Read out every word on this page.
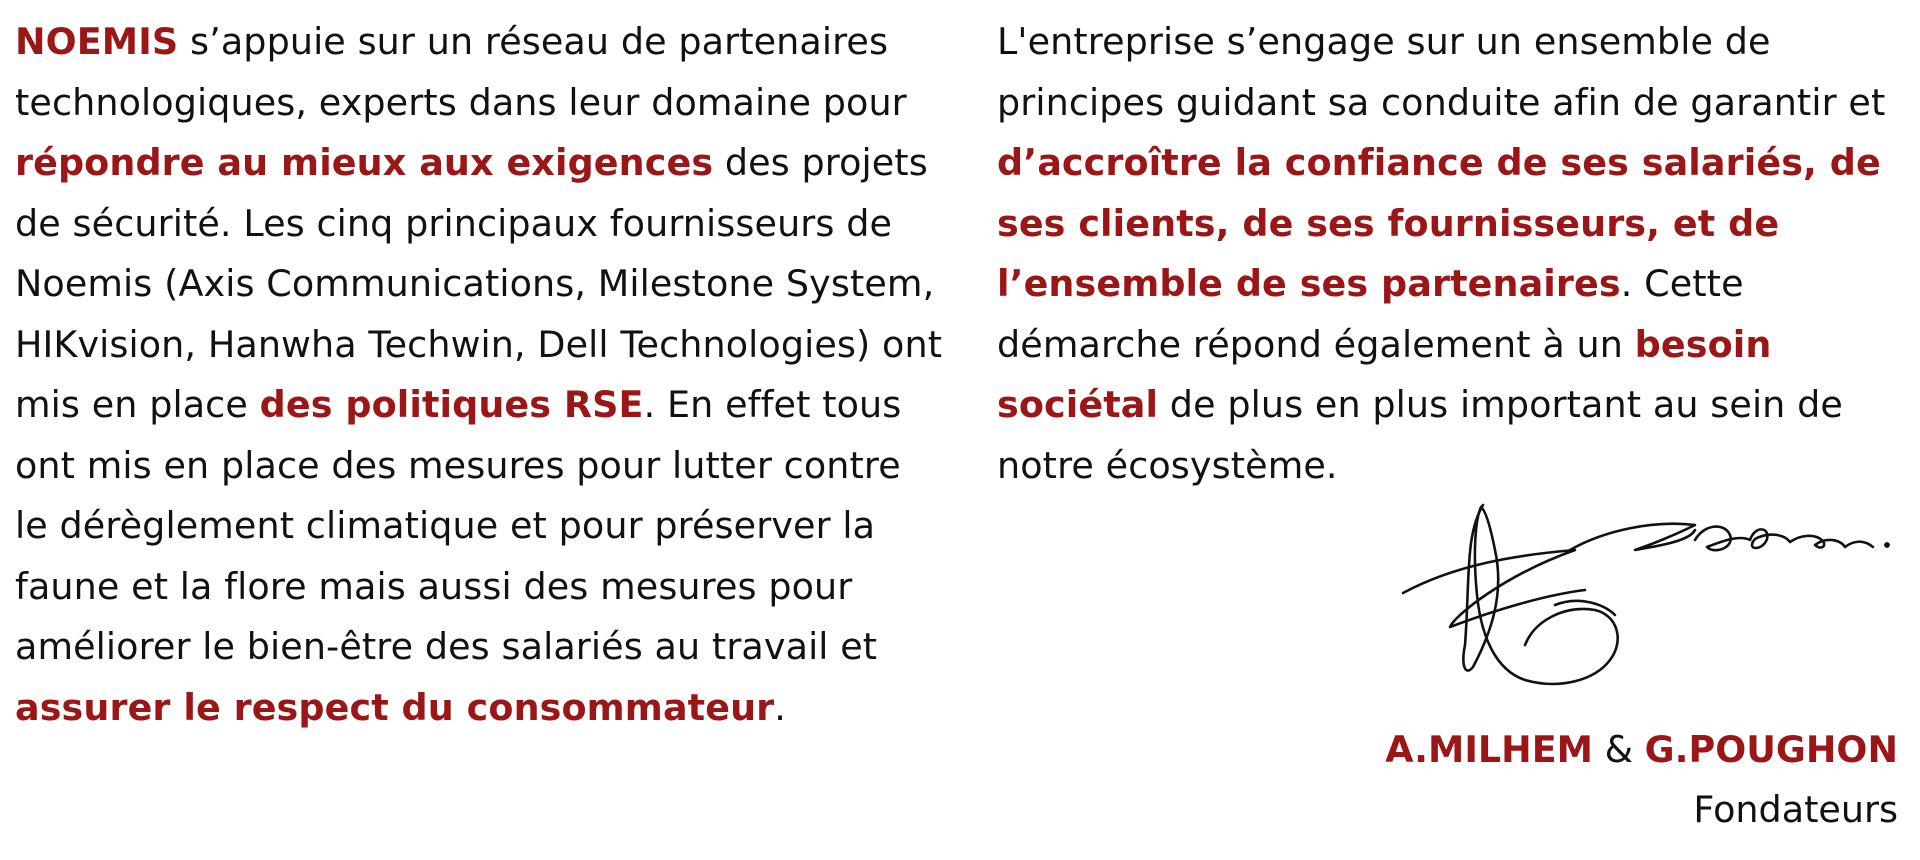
NOEMIS s’appuie sur un réseau de partenaires technologiques, experts dans leur domaine pour répondre au mieux aux exigences des projets de sécurité. Les cinq principaux fournisseurs de Noemis (Axis Communications, Milestone System, HIKvision, Hanwha Techwin, Dell Technologies) ont mis en place des politiques RSE. En effet tous ont mis en place des mesures pour lutter contre le dérèglement climatique et pour préserver la faune et la flore mais aussi des mesures pour améliorer le bien-être des salariés au travail et assurer le respect du consommateur.
L'entreprise s’engage sur un ensemble de principes guidant sa conduite afin de garantir et d’accroître la confiance de ses salariés, de ses clients, de ses fournisseurs, et de l’ensemble de ses partenaires. Cette démarche répond également à un besoin sociétal de plus en plus important au sein de notre écosystème.
A.MILHEM & G.POUGHON
Fondateurs
